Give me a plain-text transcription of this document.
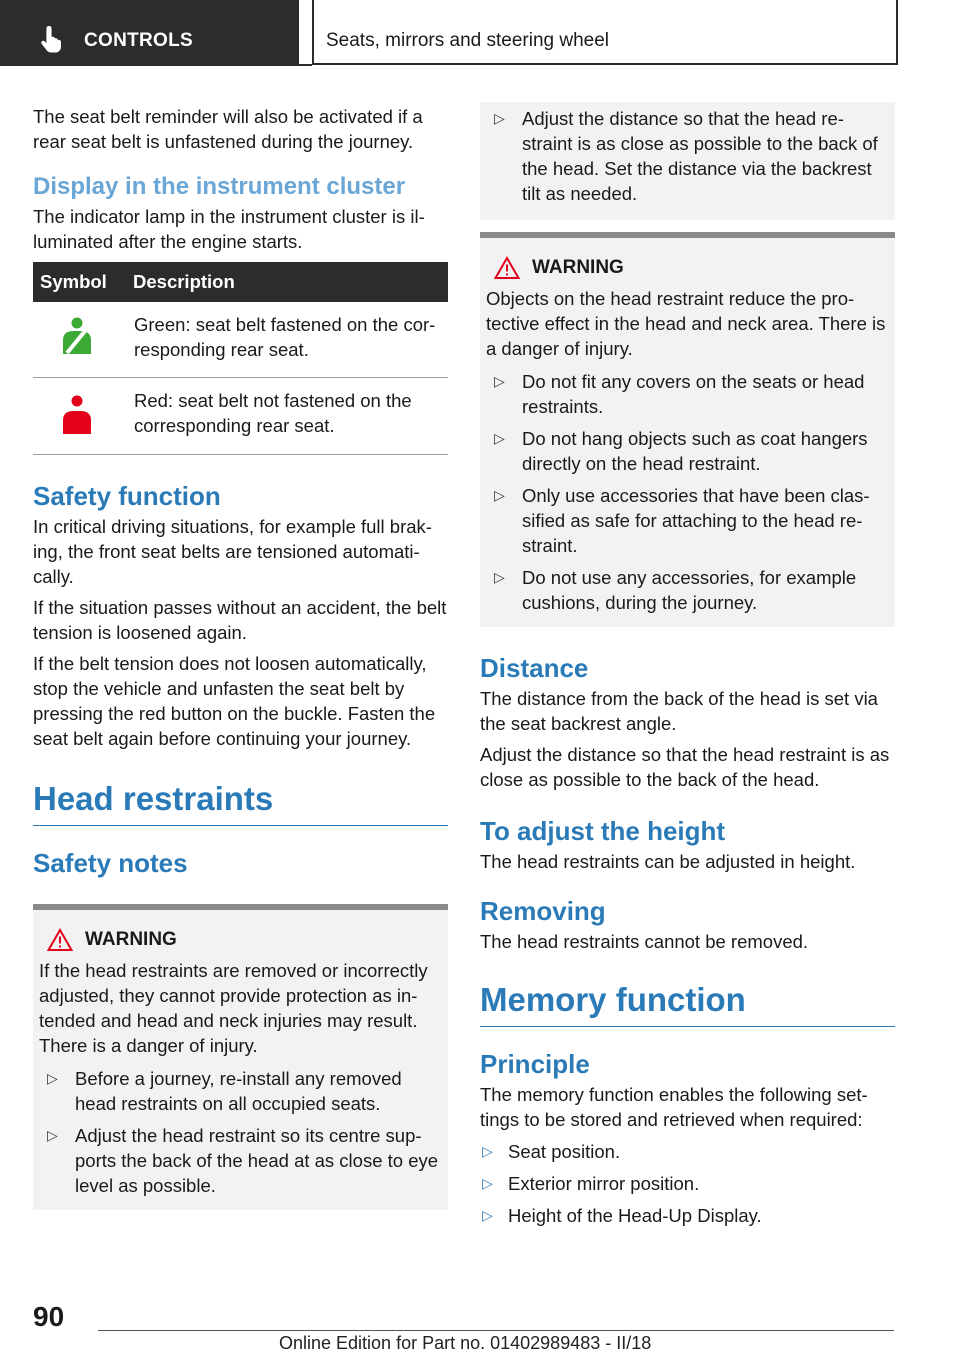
CONTROLS	Seats, mirrors and steering wheel

The seat belt reminder will also be activated if a rear seat belt is unfastened during the journey.

Display in the instrument cluster

The indicator lamp in the instrument cluster is illuminated after the engine starts.

Symbol	Description

	Green: seat belt fastened on the corresponding rear seat.

	Red: seat belt not fastened on the corresponding rear seat.
Safety function

In critical driving situations, for example full braking, the front seat belts are tensioned automatically.

If the situation passes without an accident, the belt tension is loosened again.

If the belt tension does not loosen automatically, stop the vehicle and unfasten the seat belt by pressing the red button on the buckle. Fasten the seat belt again before continuing your journey.

Head restraints
Safety notes
WARNING

If the head restraints are removed or incorrectly adjusted, they cannot provide protection as intended and head and neck injuries may result. There is a danger of injury.

▷ Before a journey, re-install any removed head restraints on all occupied seats.
▷ Adjust the head restraint so its centre supports the back of the head at as close to eye level as possible.
▷ Adjust the distance so that the head restraint is as close as possible to the back of the head. Set the distance via the backrest tilt as needed.
WARNING

Objects on the head restraint reduce the protective effect in the head and neck area. There is a danger of injury.

▷ Do not fit any covers on the seats or head restraints.
▷ Do not hang objects such as coat hangers directly on the head restraint.
▷ Only use accessories that have been classified as safe for attaching to the head restraint.
▷ Do not use any accessories, for example cushions, during the journey.
Distance

The distance from the back of the head is set via the seat backrest angle.

Adjust the distance so that the head restraint is as close as possible to the back of the head.

To adjust the height

The head restraints can be adjusted in height.

Removing

The head restraints cannot be removed.

Memory function
Principle

The memory function enables the following settings to be stored and retrieved when required:

▷ Seat position.
▷ Exterior mirror position.
▷ Height of the Head-Up Display.
90
Online Edition for Part no. 01402989483 - II/18
